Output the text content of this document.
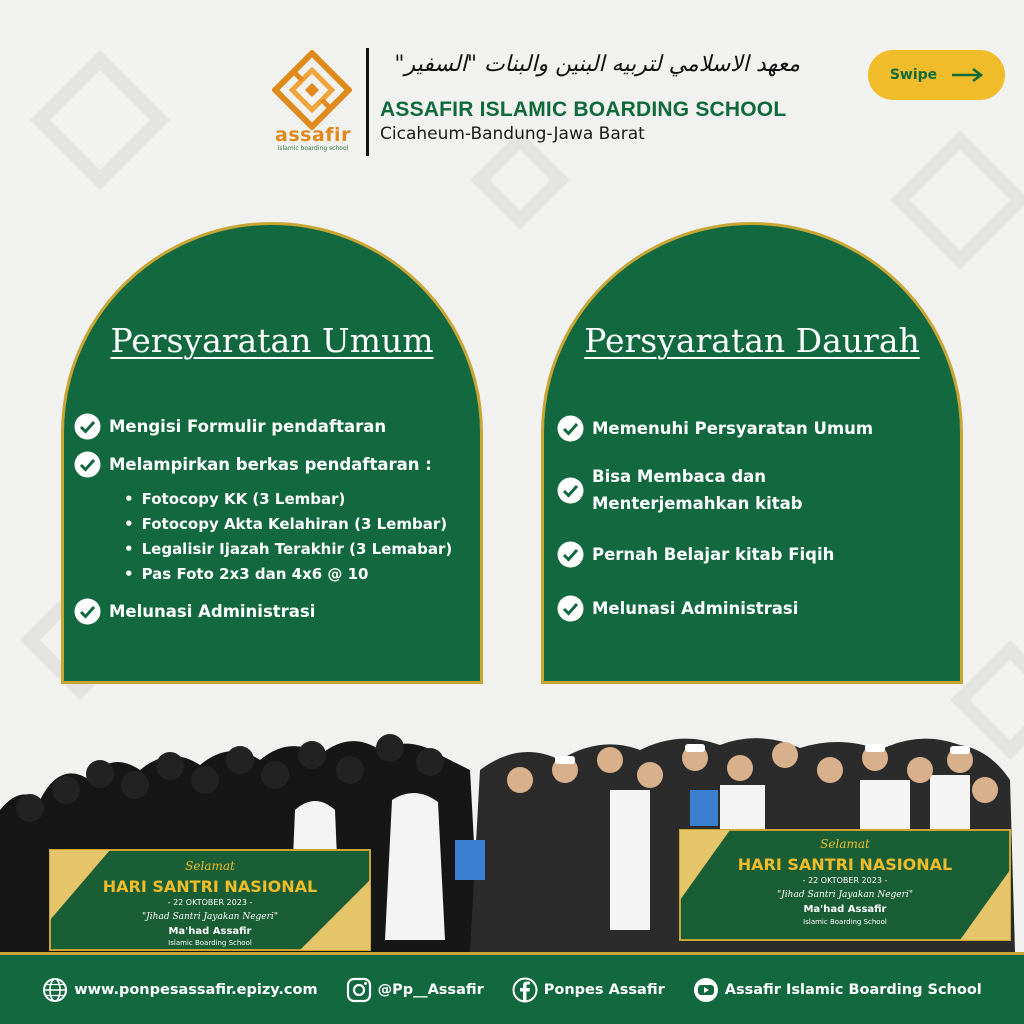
assafir
islamic boarding school
معهد الاسلامي لتربيه البنين والبنات "السفير"
ASSAFIR ISLAMIC BOARDING SCHOOL
Cicaheum-Bandung-Jawa Barat
Swipe
Persyaratan Umum
Mengisi Formulir pendaftaran
Melampirkan berkas pendaftaran :
• Fotocopy KK (3 Lembar)
• Fotocopy Akta Kelahiran (3 Lembar)
• Legalisir Ijazah Terakhir (3 Lemabar)
• Pas Foto 2x3 dan 4x6 @ 10
Melunasi Administrasi
Persyaratan Daurah
Memenuhi Persyaratan Umum
Bisa Membaca dan
Menterjemahkan kitab
Pernah Belajar kitab Fiqih
Melunasi Administrasi
Selamat
HARI SANTRI NASIONAL
- 22 OKTOBER 2023 -
"Jihad Santri Jayakan Negeri"
Ma'had Assafir
Islamic Boarding School
Selamat
HARI SANTRI NASIONAL
- 22 OKTOBER 2023 -
"Jihad Santri Jayakan Negeri"
Ma'had Assafir
Islamic Boarding School
www.ponpesassafir.epizy.com	@Pp__Assafir	Ponpes Assafir	Assafir Islamic Boarding School
